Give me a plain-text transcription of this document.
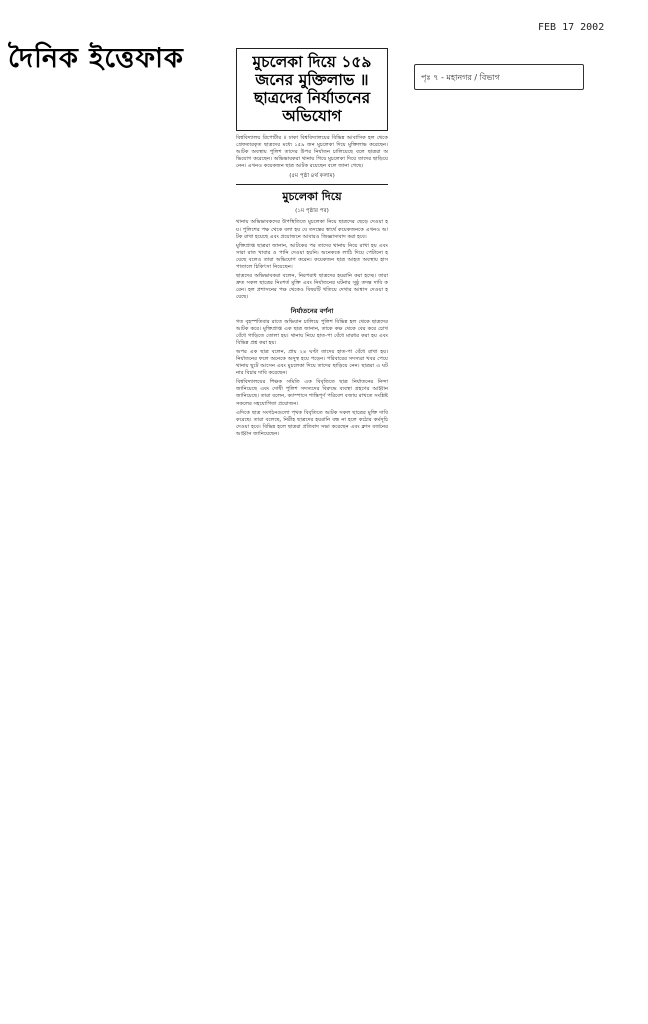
দৈনিক ইত্তেফাক
FEB 17 2002
পৃঃ ৭ - মহানগর / বিভাগ
মুচলেকা দিয়ে ১৫৯ জনের মুক্তিলাভ ॥ ছাত্রদের নির্যাতনের অভিযোগ

বিশ্ববিদ্যালয় রিপোর্টার ॥ ঢাকা বিশ্ববিদ্যালয়ের বিভিন্ন আবাসিক হল থেকে গ্রেফতারকৃত ছাত্রদের মধ্যে ১৫৯ জন মুচলেকা দিয়ে মুক্তিলাভ করেছেন। আটক অবস্থায় পুলিশ তাদের উপর নির্যাতন চালিয়েছে বলে ছাত্ররা অভিযোগ করেছেন। অভিভাবকরা থানায় গিয়ে মুচলেকা দিয়ে তাদের ছাড়িয়ে নেন। এখনও কয়েকজন ছাত্র আটক রয়েছেন বলে জানা গেছে।

(৫ম পৃষ্ঠা ৪র্থ কলাম)
মুচলেকা দিয়ে
(১ম পৃষ্ঠার পর)

থানায় অভিভাবকদের উপস্থিতিতে মুচলেকা নিয়ে ছাত্রদের ছেড়ে দেওয়া হয়। পুলিশের পক্ষ থেকে বলা হয় যে তদন্তের স্বার্থে কয়েকজনকে এখনও আটক রাখা হয়েছে এবং প্রয়োজনে আবারও জিজ্ঞাসাবাদ করা হবে।

মুক্তিপ্রাপ্ত ছাত্ররা জানান, আটকের পর তাদের থানায় নিয়ে রাখা হয় এবং সারা রাত খাবার ও পানি দেওয়া হয়নি। অনেককে লাঠি দিয়ে পেটানো হয়েছে বলেও তারা অভিযোগ করেন। কয়েকজন ছাত্র আহত অবস্থায় হাসপাতালে চিকিৎসা নিয়েছেন।

ছাত্রদের অভিভাবকরা বলেন, নিরপরাধ ছাত্রদের হয়রানি করা হচ্ছে। তারা দ্রুত সকল ছাত্রের নিঃশর্ত মুক্তি এবং নির্যাতনের ঘটনার সুষ্ঠু তদন্ত দাবি করেন। হল প্রশাসনের পক্ষ থেকেও বিষয়টি খতিয়ে দেখার আশ্বাস দেওয়া হয়েছে।

নির্যাতনের বর্ণনা

গত বৃহস্পতিবার রাতে অভিযান চালিয়ে পুলিশ বিভিন্ন হল থেকে ছাত্রদের আটক করে। মুক্তিপ্রাপ্ত এক ছাত্র জানান, তাকে কক্ষ থেকে বের করে চোখ বেঁধে গাড়িতে তোলা হয়। থানায় নিয়ে হাত-পা বেঁধে মারধর করা হয় এবং বিভিন্ন প্রশ্ন করা হয়।

অপর এক ছাত্র বলেন, প্রায় ২৪ ঘণ্টা তাদের হাত-পা বেঁধে রাখা হয়। নির্যাতনের ফলে অনেকে অসুস্থ হয়ে পড়েন। পরিবারের সদস্যরা খবর পেয়ে থানায় ছুটে আসেন এবং মুচলেকা দিয়ে তাদের ছাড়িয়ে নেন। ছাত্ররা এ ঘটনার বিচার দাবি করেছেন।

বিশ্ববিদ্যালয়ের শিক্ষক সমিতি এক বিবৃতিতে ছাত্র নির্যাতনের নিন্দা জানিয়েছে এবং দোষী পুলিশ সদস্যদের বিরুদ্ধে ব্যবস্থা গ্রহণের আহ্বান জানিয়েছে। তারা বলেন, ক্যাম্পাসে শান্তিপূর্ণ পরিবেশ বজায় রাখতে সংশ্লিষ্ট সকলের সহযোগিতা প্রয়োজন।

এদিকে ছাত্র সংগঠনগুলো পৃথক বিবৃতিতে আটক সকল ছাত্রের মুক্তি দাবি করেছে। তারা বলেছে, নিরীহ ছাত্রদের হয়রানি বন্ধ না হলে কঠোর কর্মসূচি দেওয়া হবে। বিভিন্ন হলে ছাত্ররা প্রতিবাদ সভা করেছেন এবং ক্লাস বর্জনের আহ্বান জানিয়েছেন।
